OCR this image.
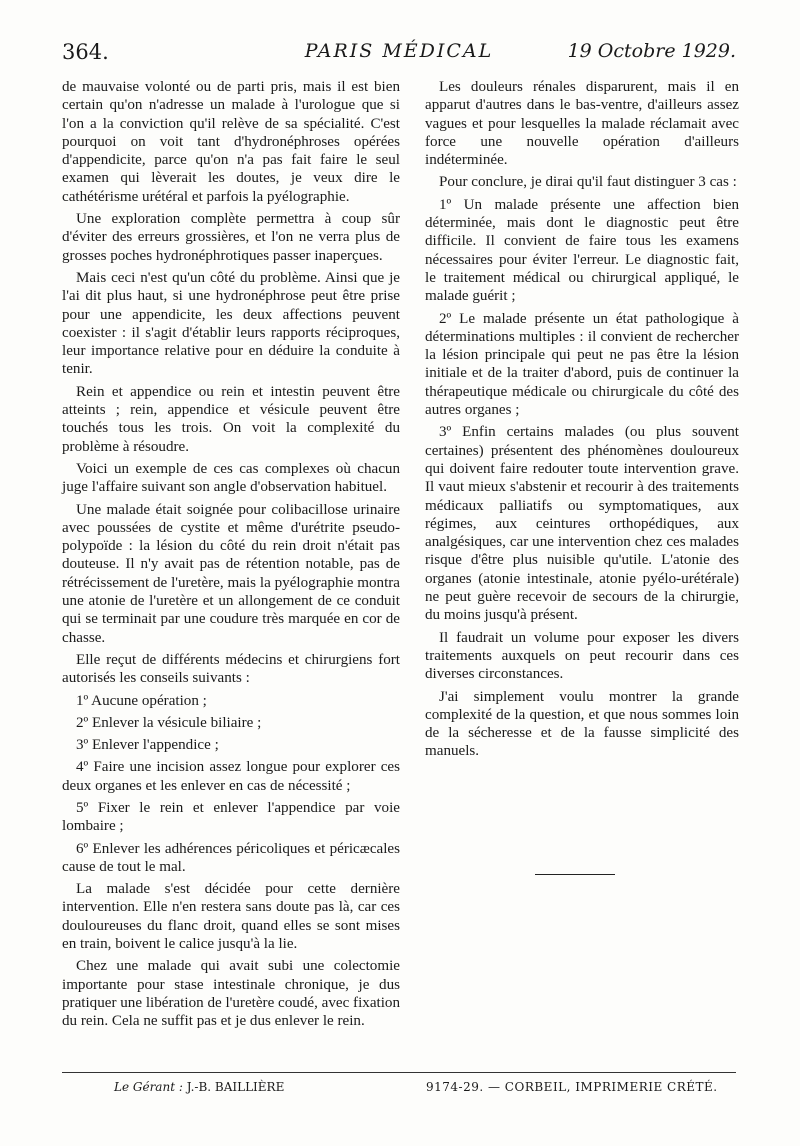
364.	PARIS MÉDICAL	19 Octobre 1929.

de mauvaise volonté ou de parti pris, mais il est bien certain qu'on n'adresse un malade à l'urologue que si l'on a la conviction qu'il relève de sa spécialité. C'est pourquoi on voit tant d'hydronéphroses opérées d'appendicite, parce qu'on n'a pas fait faire le seul examen qui lèverait les doutes, je veux dire le cathétérisme urétéral et parfois la pyélographie.

Une exploration complète permettra à coup sûr d'éviter des erreurs grossières, et l'on ne verra plus de grosses poches hydronéphrotiques passer inaperçues.

Mais ceci n'est qu'un côté du problème. Ainsi que je l'ai dit plus haut, si une hydronéphrose peut être prise pour une appendicite, les deux affections peuvent coexister : il s'agit d'établir leurs rapports réciproques, leur importance relative pour en déduire la conduite à tenir.

Rein et appendice ou rein et intestin peuvent être atteints ; rein, appendice et vésicule peuvent être touchés tous les trois. On voit la complexité du problème à résoudre.

Voici un exemple de ces cas complexes où chacun juge l'affaire suivant son angle d'observation habituel.

Une malade était soignée pour colibacillose urinaire avec poussées de cystite et même d'urétrite pseudo-polypoïde : la lésion du côté du rein droit n'était pas douteuse. Il n'y avait pas de rétention notable, pas de rétrécissement de l'uretère, mais la pyélographie montra une atonie de l'uretère et un allongement de ce conduit qui se terminait par une coudure très marquée en cor de chasse.

Elle reçut de différents médecins et chirurgiens fort autorisés les conseils suivants :

1º Aucune opération ;

2º Enlever la vésicule biliaire ;

3º Enlever l'appendice ;

4º Faire une incision assez longue pour explorer ces deux organes et les enlever en cas de nécessité ;

5º Fixer le rein et enlever l'appendice par voie lombaire ;

6º Enlever les adhérences péricoliques et péricæcales cause de tout le mal.

La malade s'est décidée pour cette dernière intervention. Elle n'en restera sans doute pas là, car ces douloureuses du flanc droit, quand elles se sont mises en train, boivent le calice jusqu'à la lie.

Chez une malade qui avait subi une colectomie importante pour stase intestinale chronique, je dus pratiquer une libération de l'uretère coudé, avec fixation du rein. Cela ne suffit pas et je dus enlever le rein.

Les douleurs rénales disparurent, mais il en apparut d'autres dans le bas-ventre, d'ailleurs assez vagues et pour lesquelles la malade réclamait avec force une nouvelle opération d'ailleurs indéterminée.

Pour conclure, je dirai qu'il faut distinguer 3 cas :

1º Un malade présente une affection bien déterminée, mais dont le diagnostic peut être difficile. Il convient de faire tous les examens nécessaires pour éviter l'erreur. Le diagnostic fait, le traitement médical ou chirurgical appliqué, le malade guérit ;

2º Le malade présente un état pathologique à déterminations multiples : il convient de rechercher la lésion principale qui peut ne pas être la lésion initiale et de la traiter d'abord, puis de continuer la thérapeutique médicale ou chirurgicale du côté des autres organes ;

3º Enfin certains malades (ou plus souvent certaines) présentent des phénomènes douloureux qui doivent faire redouter toute intervention grave. Il vaut mieux s'abstenir et recourir à des traitements médicaux palliatifs ou symptomatiques, aux régimes, aux ceintures orthopédiques, aux analgésiques, car une intervention chez ces malades risque d'être plus nuisible qu'utile. L'atonie des organes (atonie intestinale, atonie pyélo-urétérale) ne peut guère recevoir de secours de la chirurgie, du moins jusqu'à présent.

Il faudrait un volume pour exposer les divers traitements auxquels on peut recourir dans ces diverses circonstances.

J'ai simplement voulu montrer la grande complexité de la question, et que nous sommes loin de la sécheresse et de la fausse simplicité des manuels.

Le Gérant : J.-B. BAILLIÈRE	9174-29. — CORBEIL, IMPRIMERIE CRÉTÉ.
